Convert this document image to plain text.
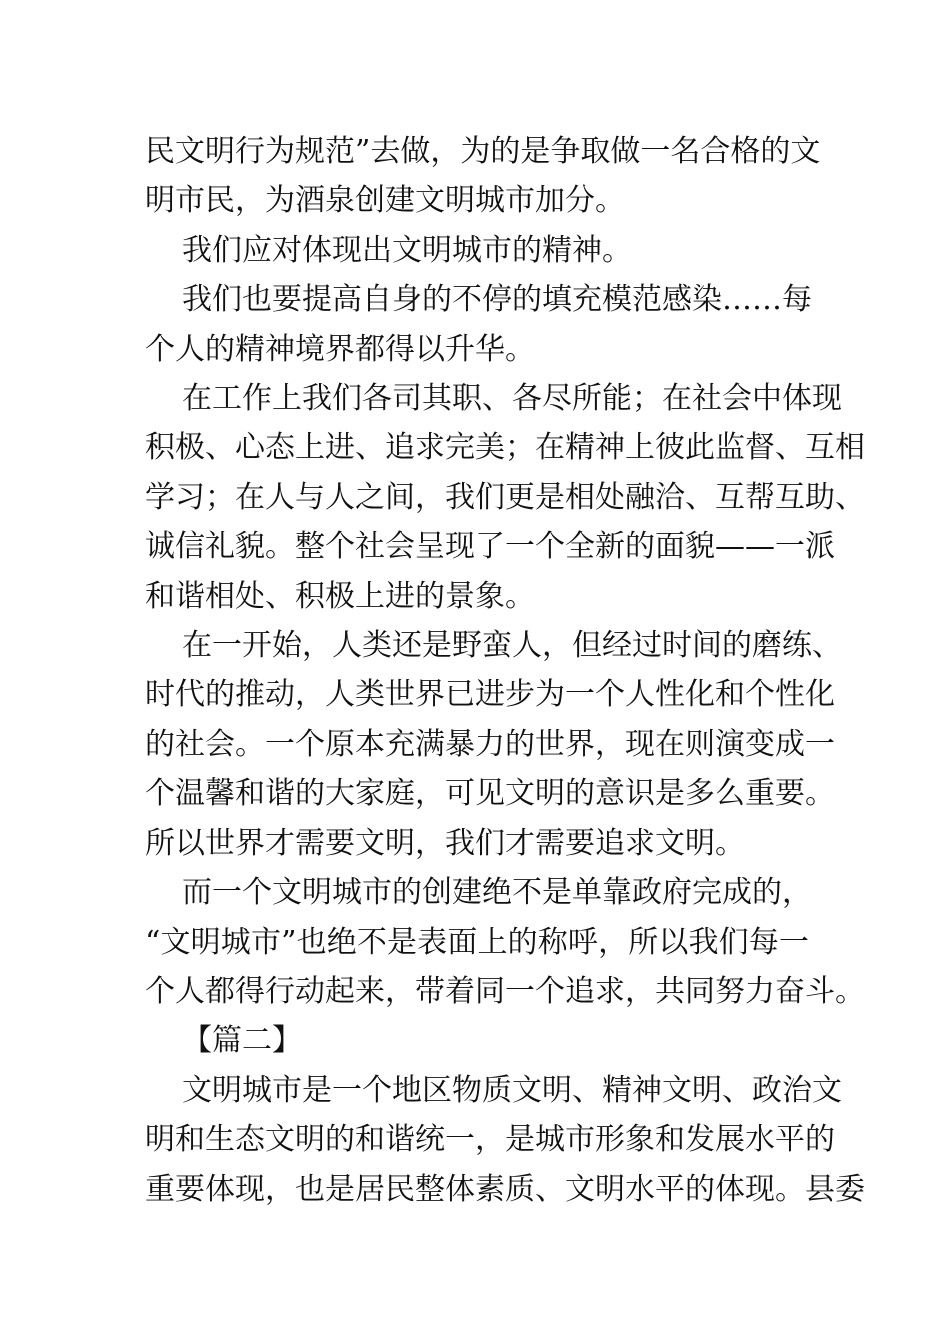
民文明行为规范”去做，为的是争取做一名合格的文
明市民，为酒泉创建文明城市加分。

我们应对体现出文明城市的精神。

我们也要提高自身的不停的填充模范感染……每
个人的精神境界都得以升华。

在工作上我们各司其职、各尽所能；在社会中体现
积极、心态上进、追求完美；在精神上彼此监督、互相
学习；在人与人之间，我们更是相处融洽、互帮互助、
诚信礼貌。整个社会呈现了一个全新的面貌——一派
和谐相处、积极上进的景象。

在一开始，人类还是野蛮人，但经过时间的磨练、
时代的推动，人类世界已进步为一个人性化和个性化
的社会。一个原本充满暴力的世界，现在则演变成一
个温馨和谐的大家庭，可见文明的意识是多么重要。
所以世界才需要文明，我们才需要追求文明。

而一个文明城市的创建绝不是单靠政府完成的，
“文明城市”也绝不是表面上的称呼，所以我们每一
个人都得行动起来，带着同一个追求，共同努力奋斗。

【篇二】

文明城市是一个地区物质文明、精神文明、政治文
明和生态文明的和谐统一，是城市形象和发展水平的
重要体现，也是居民整体素质、文明水平的体现。县委
